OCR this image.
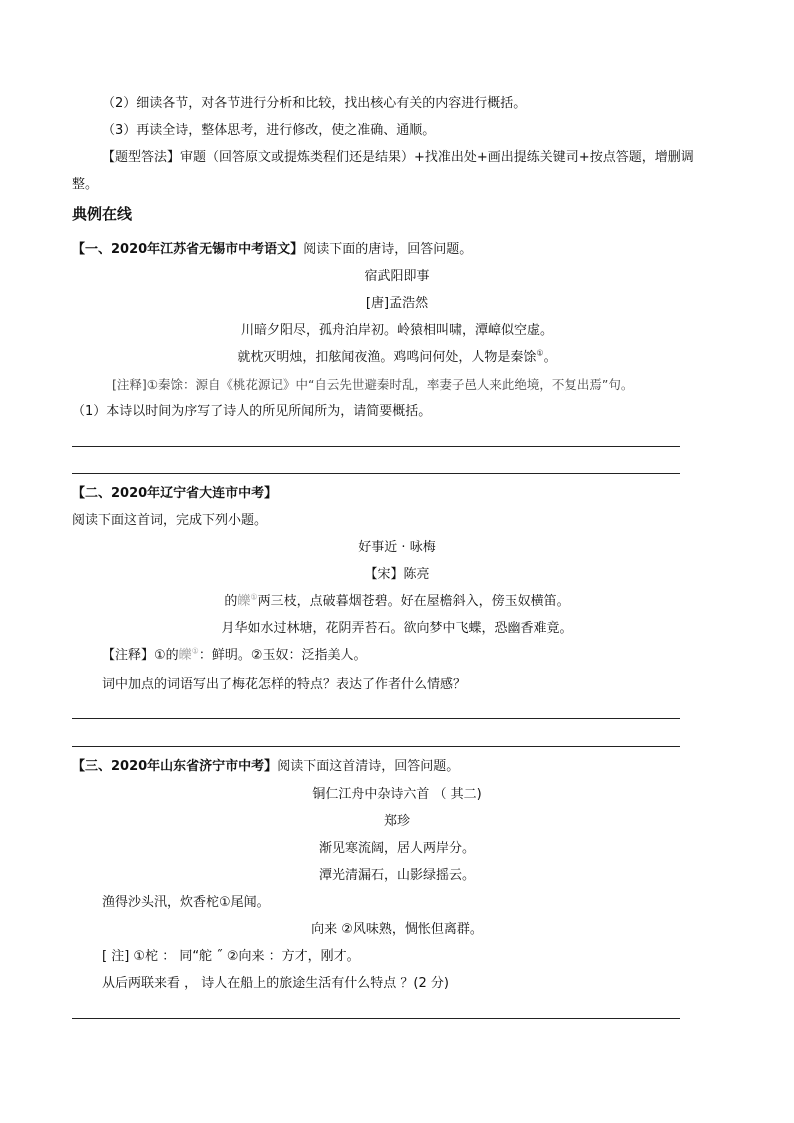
（2）细读各节，对各节进行分析和比较，找出核心有关的内容进行概括。
（3）再读全诗，整体思考，进行修改，使之准确、通顺。
【题型答法】审题（回答原文或提炼类程们还是结果）+找准出处+画出提练关键司+按点答题，增删调
整。
典例在线
【一、2020年江苏省无锡市中考语文】阅读下面的唐诗，回答问题。
宿武阳即事
[唐]孟浩然
川暗夕阳尽，孤舟泊岸初。岭猿相叫啸，潭嶂似空虚。
就枕灭明烛，扣舷闻夜渔。鸡鸣问何处，人物是秦馀①。
[注释]①秦馀：源自《桃花源记》中“自云先世避秦时乱，率妻子邑人来此绝境，不复出焉”句。
（1）本诗以时间为序写了诗人的所见所闻所为，请简要概括。
【二、2020年辽宁省大连市中考】
阅读下面这首词，完成下列小题。
好事近 · 咏梅
【宋】陈亮
的皪①两三枝，点破暮烟苍碧。好在屋檐斜入，傍玉奴横笛。
月华如水过林塘，花阴弄苔石。欲向梦中飞蝶，恐幽香难竟。
【注释】①的皪①：鲜明。②玉奴：泛指美人。
词中加点的词语写出了梅花怎样的特点？表达了作者什么情感？
【三、2020年山东省济宁市中考】阅读下面这首清诗，回答问题。
铜仁江舟中杂诗六首 （ 其二)
郑珍
渐见寒流阔，居人两岸分。
潭光清漏石，山影绿摇云。
渔得沙头汛，炊香柁①尾闻。
向来 ②风味熟，惆怅但离群。
[ 注] ①柁 ： 同“舵 ˝ ②向来 ：方才，刚才。
从后两联来看 ， 诗人在船上的旅途生活有什么特点 ？(2 分)
